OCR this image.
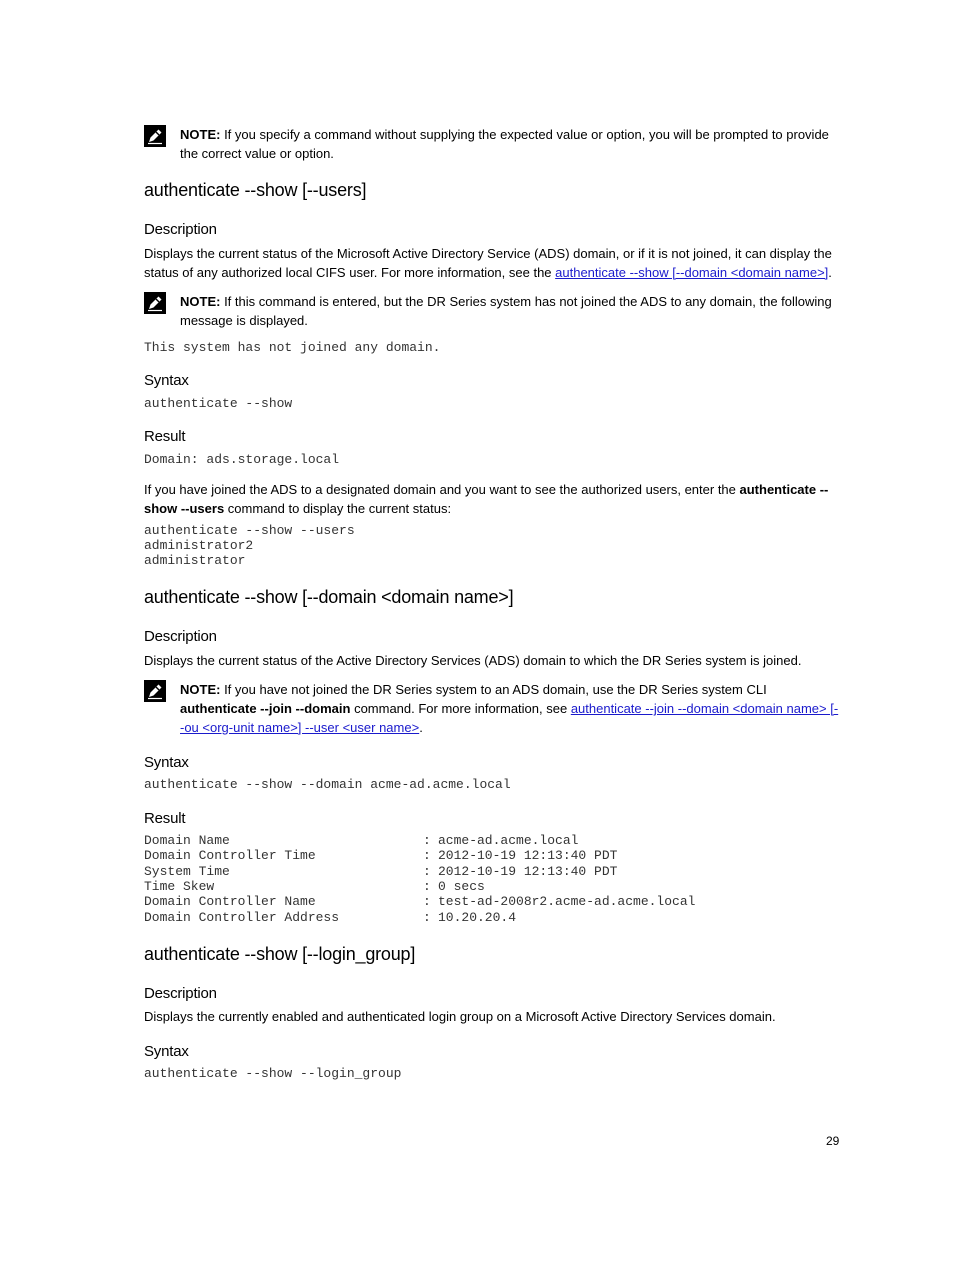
NOTE: If you specify a command without supplying the expected value or option, you will be prompted to provide the correct value or option.
authenticate --show [--users]
Description
Displays the current status of the Microsoft Active Directory Service (ADS) domain, or if it is not joined, it can display the status of any authorized local CIFS user. For more information, see the authenticate --show [--domain <domain name>].
NOTE: If this command is entered, but the DR Series system has not joined the ADS to any domain, the following message is displayed.
This system has not joined any domain.
Syntax
authenticate --show
Result
Domain: ads.storage.local
If you have joined the ADS to a designated domain and you want to see the authorized users, enter the authenticate --show --users command to display the current status:
authenticate --show --users
administrator2
administrator
authenticate --show [--domain <domain name>]
Description
Displays the current status of the Active Directory Services (ADS) domain to which the DR Series system is joined.
NOTE: If you have not joined the DR Series system to an ADS domain, use the DR Series system CLI authenticate --join --domain command. For more information, see authenticate --join --domain <domain name> [--ou <org-unit name>] --user <user name>.
Syntax
authenticate --show --domain acme-ad.acme.local
Result
Domain Name	: acme-ad.acme.local
Domain Controller Time	: 2012-10-19 12:13:40 PDT
System Time	: 2012-10-19 12:13:40 PDT
Time Skew	: 0 secs
Domain Controller Name	: test-ad-2008r2.acme-ad.acme.local
Domain Controller Address	: 10.20.20.4
authenticate --show [--login_group]
Description
Displays the currently enabled and authenticated login group on a Microsoft Active Directory Services domain.
Syntax
authenticate --show --login_group
29
